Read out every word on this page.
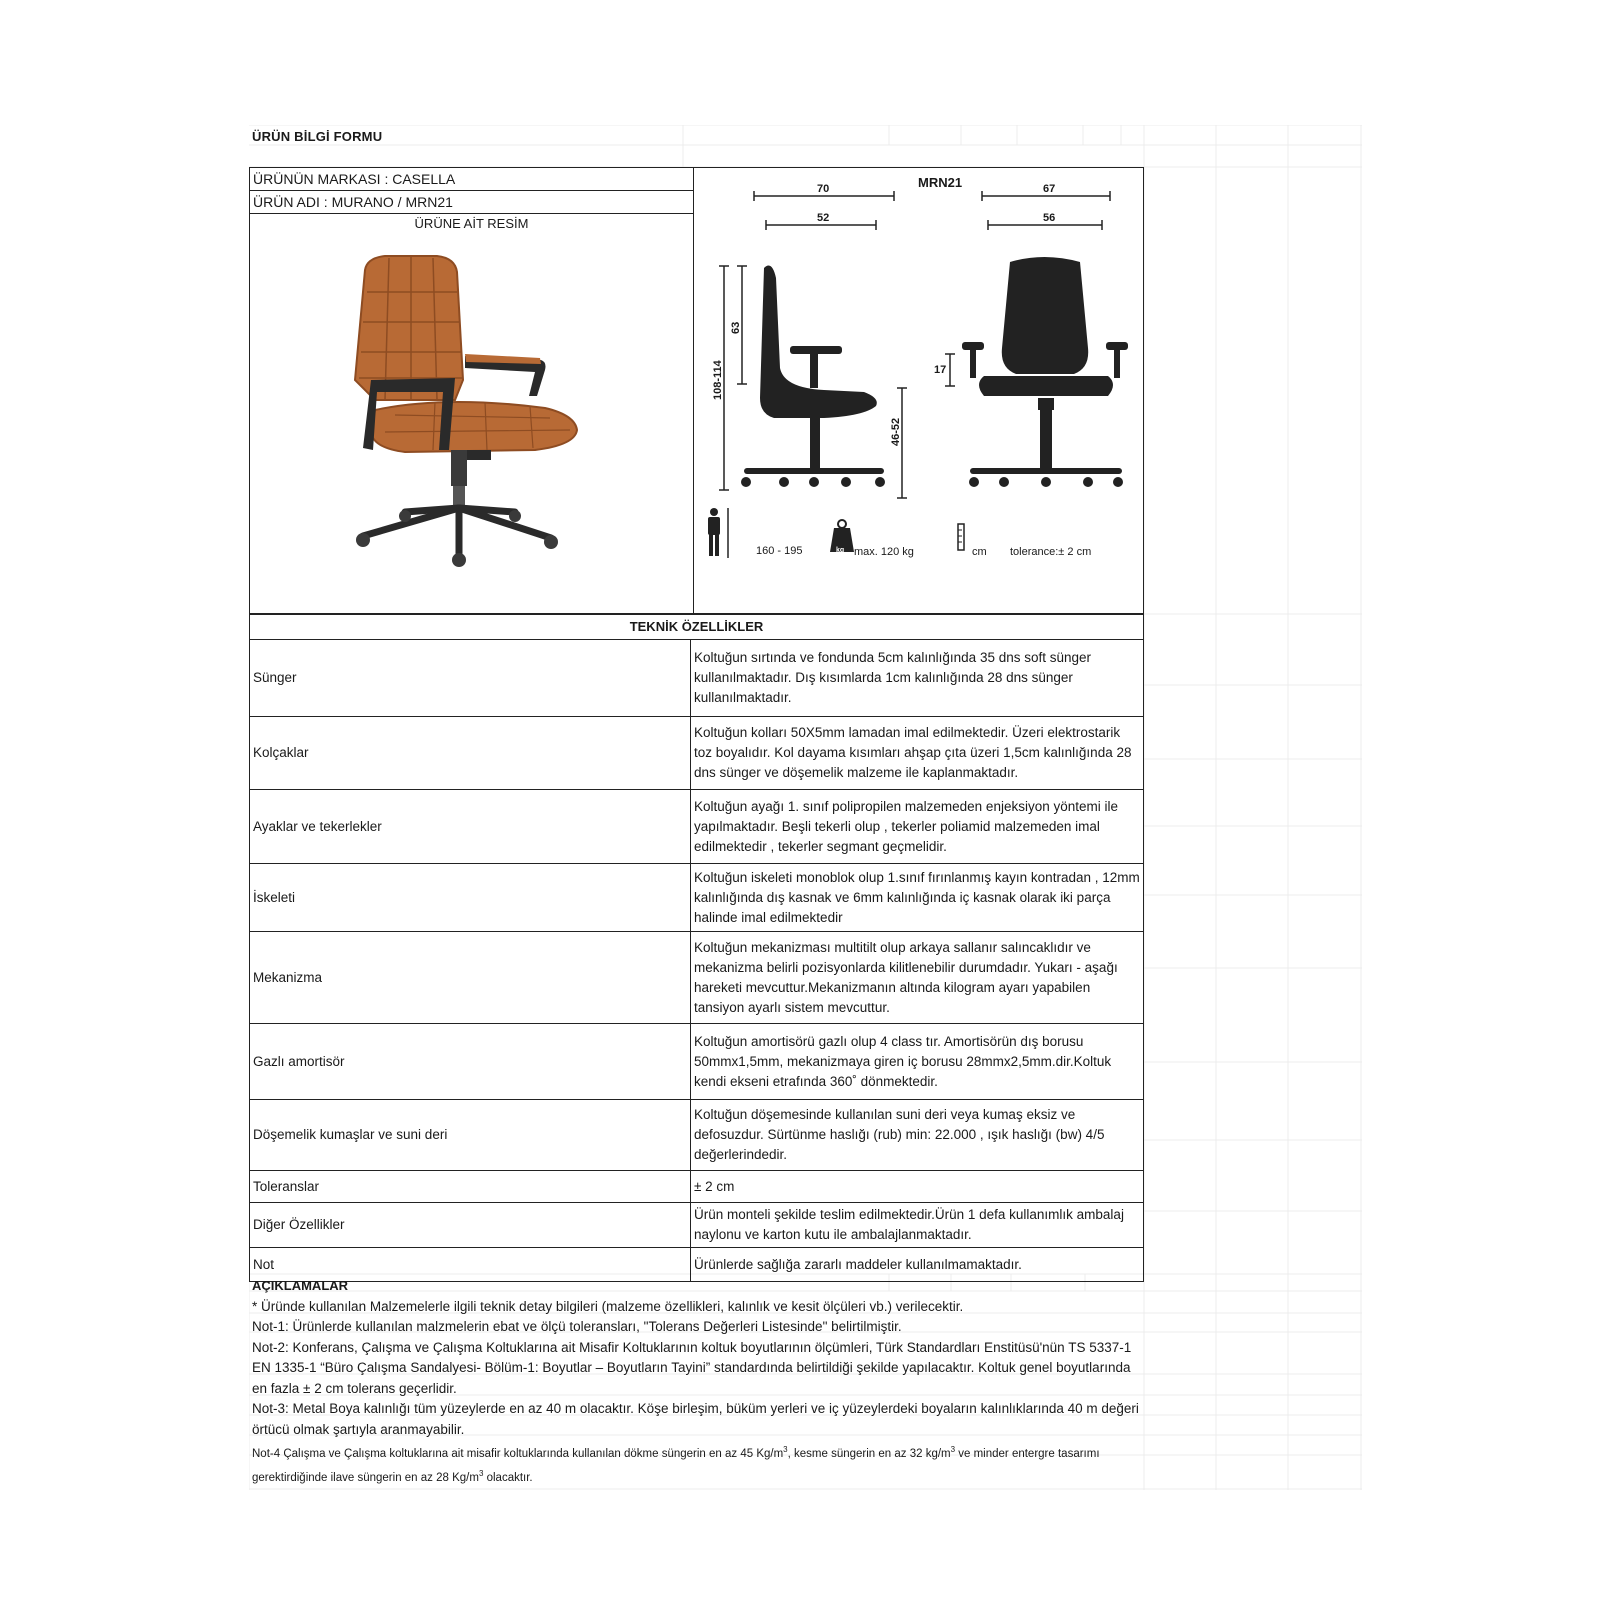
ÜRÜN BİLGİ FORMU
ÜRÜNÜN MARKASI : CASELLA
ÜRÜN ADI : MURANO / MRN21
ÜRÜNE AİT RESİM
MRN21
70
52
67
56
108-114
63
46-52
17
160 - 195	kg max. 120 kg	cm tolerance:± 2 cm
TEKNİK ÖZELLİKLER	
Sünger	Koltuğun sırtında ve fondunda 5cm kalınlığında 35 dns soft sünger kullanılmaktadır. Dış kısımlarda 1cm kalınlığında 28 dns sünger kullanılmaktadır.
Kolçaklar	Koltuğun kolları 50X5mm lamadan imal edilmektedir. Üzeri elektrostarik toz boyalıdır. Kol dayama kısımları ahşap çıta üzeri 1,5cm kalınlığında 28 dns sünger ve döşemelik malzeme ile kaplanmaktadır.
Ayaklar ve tekerlekler	Koltuğun ayağı 1. sınıf polipropilen malzemeden enjeksiyon yöntemi ile yapılmaktadır. Beşli tekerli olup , tekerler poliamid malzemeden imal edilmektedir , tekerler segmant geçmelidir.
İskeleti	Koltuğun iskeleti monoblok olup 1.sınıf fırınlanmış kayın kontradan , 12mm kalınlığında dış kasnak ve 6mm kalınlığında iç kasnak olarak iki parça halinde imal edilmektedir
Mekanizma	Koltuğun mekanizması multitilt olup arkaya sallanır salıncaklıdır ve mekanizma belirli pozisyonlarda kilitlenebilir durumdadır. Yukarı - aşağı hareketi mevcuttur.Mekanizmanın altında kilogram ayarı yapabilen tansiyon ayarlı sistem mevcuttur.
Gazlı amortisör	Koltuğun amortisörü gazlı olup 4 class tır. Amortisörün dış borusu 50mmx1,5mm, mekanizmaya giren iç borusu 28mmx2,5mm.dir.Koltuk kendi ekseni etrafında 360˚ dönmektedir.
Döşemelik kumaşlar ve suni deri	Koltuğun döşemesinde kullanılan suni deri veya kumaş eksiz ve defosuzdur. Sürtünme haslığı (rub) min: 22.000 , ışık haslığı (bw) 4/5 değerlerindedir.
Toleranslar	± 2 cm
Diğer Özellikler	Ürün monteli şekilde teslim edilmektedir.Ürün 1 defa kullanımlık ambalaj naylonu ve karton kutu ile ambalajlanmaktadır.
Not	Ürünlerde sağlığa zararlı maddeler kullanılmamaktadır.
AÇIKLAMALAR
* Üründe kullanılan Malzemelerle ilgili teknik detay bilgileri (malzeme özellikleri, kalınlık ve kesit ölçüleri vb.) verilecektir.
Not-1: Ürünlerde kullanılan malzmelerin ebat ve ölçü toleransları, "Tolerans Değerleri Listesinde" belirtilmiştir.
Not-2: Konferans, Çalışma ve Çalışma Koltuklarına ait Misafir Koltuklarının koltuk boyutlarının ölçümleri, Türk Standardları Enstitüsü'nün TS 5337-1 EN 1335-1 “Büro Çalışma Sandalyesi- Bölüm-1: Boyutlar – Boyutların Tayini” standardında belirtildiği şekilde yapılacaktır. Koltuk genel boyutlarında en fazla ± 2 cm tolerans geçerlidir.
Not-3: Metal Boya kalınlığı tüm yüzeylerde en az 40 m olacaktır. Köşe birleşim, büküm yerleri ve iç yüzeylerdeki boyaların kalınlıklarında 40 m değeri örtücü olmak şartıyla aranmayabilir.
Not-4 Çalışma ve Çalışma koltuklarına ait misafir koltuklarında kullanılan dökme süngerin en az 45 $Kg/m^3$, kesme süngerin en az 32 $kg/m^3$ ve minder entergre tasarımı gerektirdiğinde ilave süngerin en az 28 $Kg/m^3$ olacaktır.
